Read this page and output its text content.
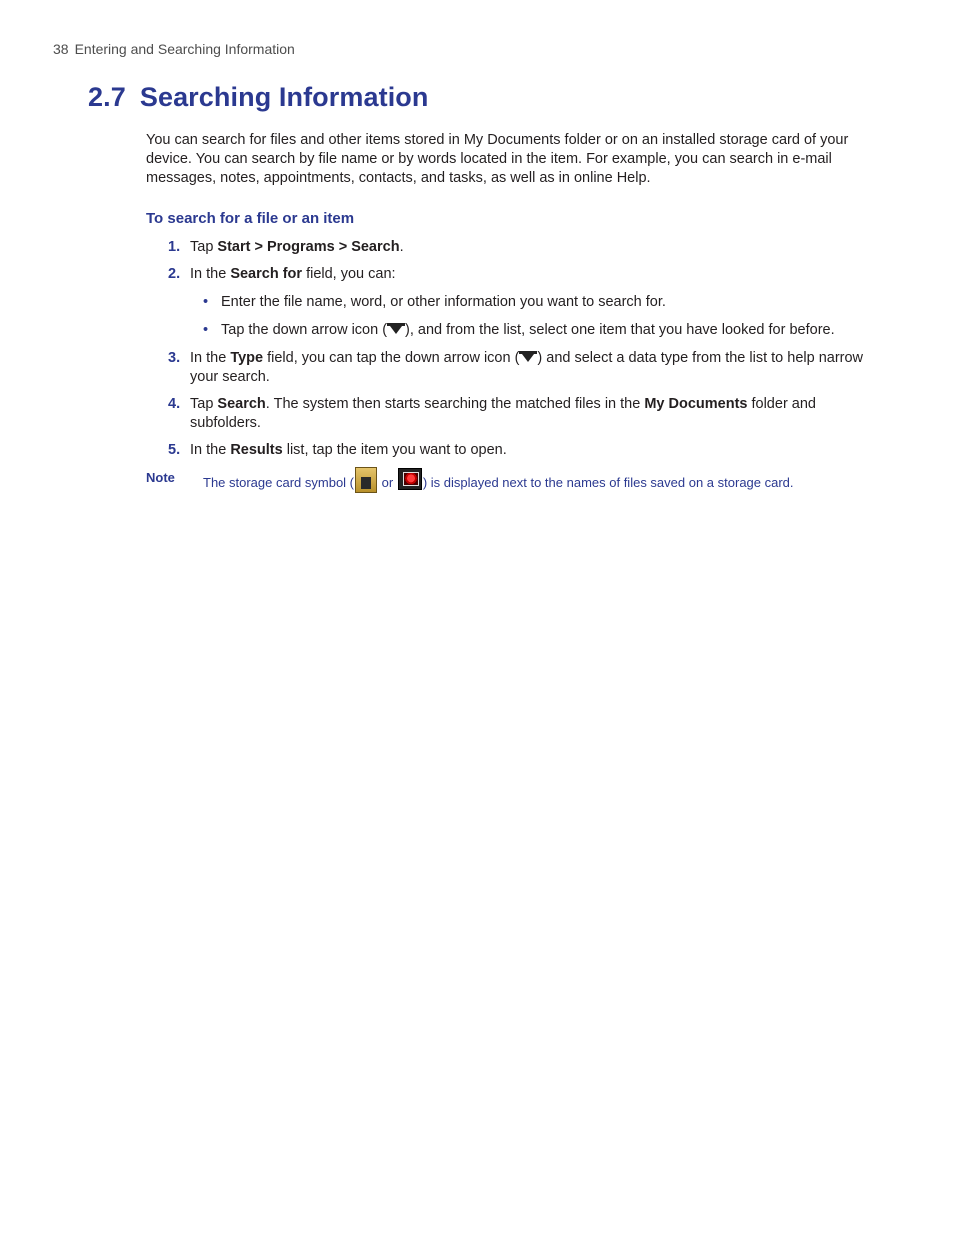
38 Entering and Searching Information
2.7 Searching Information

You can search for files and other items stored in My Documents folder or on an installed storage card of your device. You can search by file name or by words located in the item. For example, you can search in e-mail messages, notes, appointments, contacts, and tasks, as well as in online Help.

To search for a file or an item
1. Tap Start > Programs > Search.
2. In the Search for field, you can:
• Enter the file name, word, or other information you want to search for.
• Tap the down arrow icon ( ), and from the list, select one item that you have looked for before.
3. In the Type field, you can tap the down arrow icon ( ) and select a data type from the list to help narrow your search.
4. Tap Search. The system then starts searching the matched files in the My Documents folder and subfolders.
5. In the Results list, tap the item you want to open.
Note The storage card symbol ( or ) is displayed next to the names of files saved on a storage card.
